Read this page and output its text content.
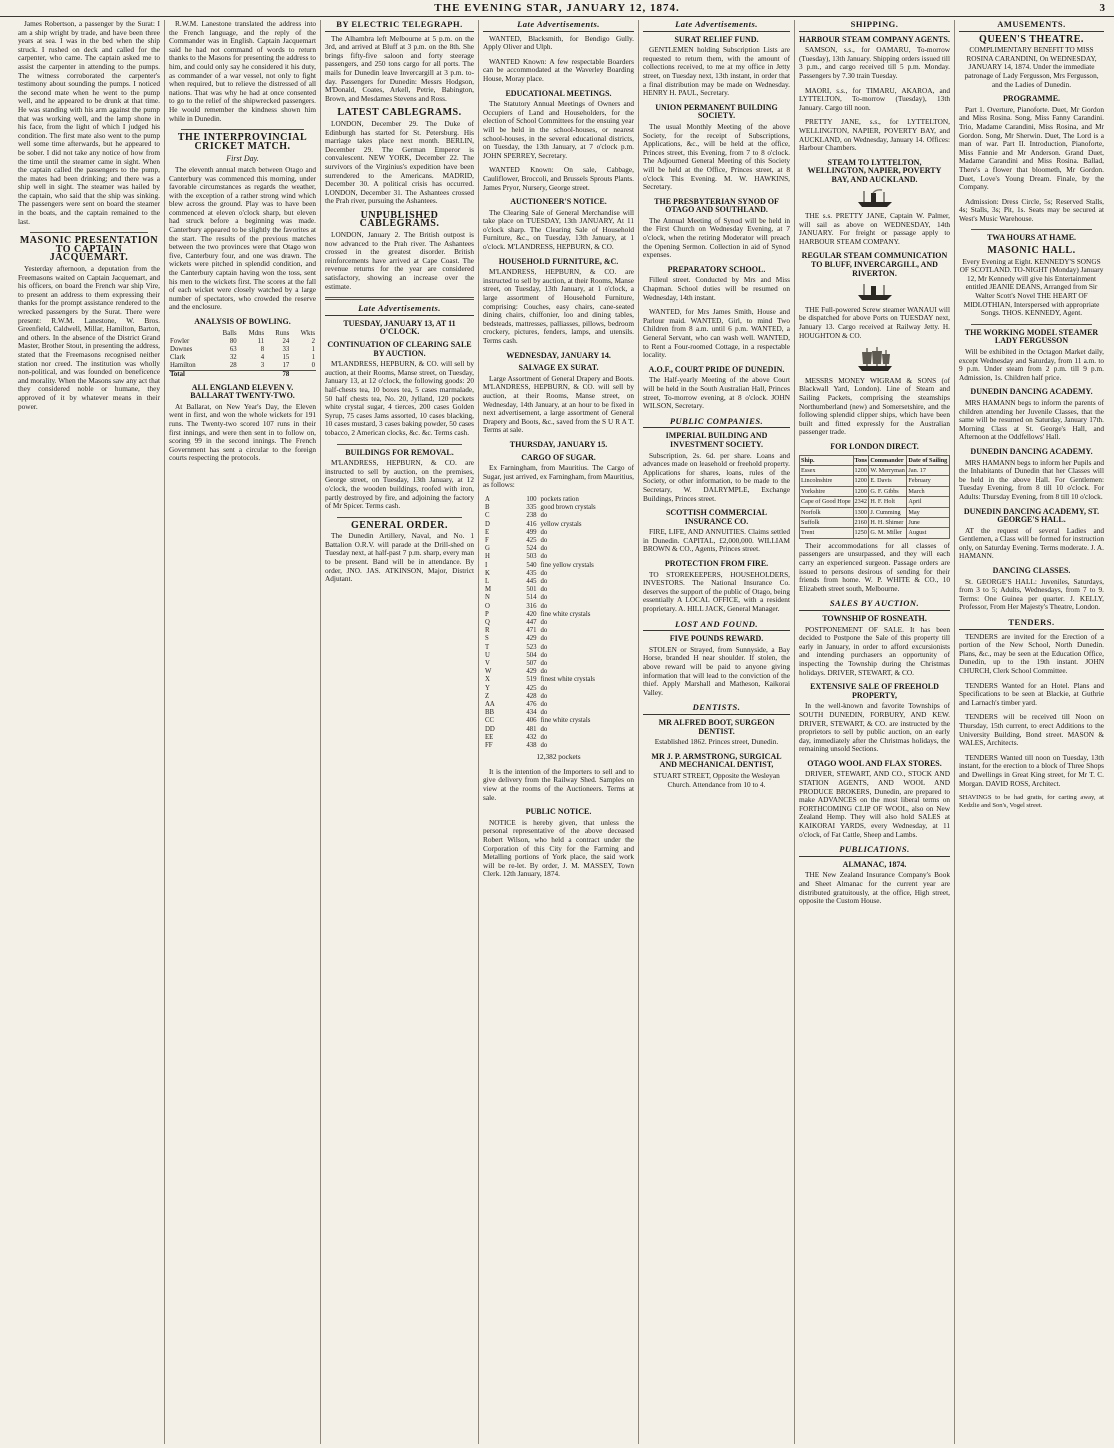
THE EVENING STAR, JANUARY 12, 1874.	3
James Robertson, a passenger by the Surat: I am a ship wright by trade, and have been three years at sea. I was in the bed when the ship struck. I rushed on deck and called for the carpenter, who came. The captain asked me to assist the carpenter in attending to the pumps. The witness corroborated the carpenter's testimony about sounding the pumps. I noticed the second mate when he went to the pump well, and he appeared to be drunk at that time. He was standing with his arm against the pump that was working well, and the lamp shone in his face, from the light of which I judged his condition. The first mate also went to the pump well some time afterwards, but he appeared to be sober. I did not take any notice of how from the time until the steamer came in sight. When the captain called the passengers to the pump, the mates had been drinking; and there was a ship well in sight. The steamer was hailed by the captain, who said that the ship was sinking. The passengers were sent on board the steamer in the boats, and the captain remained to the last.
MASONIC PRESENTATION TO CAPTAIN JACQUEMART.
Yesterday afternoon, a deputation from the Freemasons waited on Captain Jacquemart, and his officers, on board the French war ship Vire, to present an address to them expressing their thanks for the prompt assistance rendered to the wrecked passengers by the Surat. There were present: R.W.M. Lanestone, W. Bros. Greenfield, Caldwell, Millar, Hamilton, Barton, and others. In the absence of the District Grand Master, Brother Stout, in presenting the address, stated that the Freemasons recognised neither station nor creed. The institution was wholly non-political, and was founded on beneficence and morality. When the Masons saw any act that they considered noble or humane, they approved of it by whatever means in their power.
R.W.M. Lanestone translated the address into the French language, and the reply of the Commander was in English. Captain Jacquemart said he had not command of words to return thanks to the Masons for presenting the address to him, and could only say he considered it his duty, as commander of a war vessel, not only to fight when required, but to relieve the distressed of all nations. That was why he had at once consented to go to the relief of the shipwrecked passengers. He would remember the kindness shown him while in Dunedin.
THE INTERPROVINCIAL CRICKET MATCH.
First Day.
The eleventh annual match between Otago and Canterbury was commenced this morning, under favorable circumstances as regards the weather, with the exception of a rather strong wind which blew across the ground. Play was to have been commenced at eleven o'clock sharp, but eleven had struck before a beginning was made. Canterbury appeared to be slightly the favorites at the start. The results of the previous matches between the two provinces were that Otago won five, Canterbury four, and one was drawn. The wickets were pitched in splendid condition, and the Canterbury captain having won the toss, sent his men to the wickets first. The scores at the fall of each wicket were closely watched by a large number of spectators, who crowded the reserve and the enclosure.
ANALYSIS OF BOWLING.
	Balls	Mdns	Runs	Wkts
Fowler	80	11	24	2
Downes	63	8	33	1
Clark	32	4	15	1
Hamilton	28	3	17	0
Total			78	
ALL ENGLAND ELEVEN V. BALLARAT TWENTY-TWO.
At Ballarat, on New Year's Day, the Eleven went in first, and won the whole wickets for 191 runs. The Twenty-two scored 107 runs in their first innings, and were then sent in to follow on, scoring 99 in the second innings. The French Government has sent a circular to the foreign courts respecting the protocols.
BY ELECTRIC TELEGRAPH.
The Alhambra left Melbourne at 5 p.m. on the 3rd, and arrived at Bluff at 3 p.m. on the 8th. She brings fifty-five saloon and forty steerage passengers, and 250 tons cargo for all ports. The mails for Dunedin leave Invercargill at 3 p.m. to-day. Passengers for Dunedin: Messrs Hodgson, M'Donald, Coates, Arkell, Petrie, Babington, Brown, and Mesdames Stevens and Ross.
LATEST CABLEGRAMS.
LONDON, December 29. The Duke of Edinburgh has started for St. Petersburg. His marriage takes place next month. BERLIN, December 29. The German Emperor is convalescent. NEW YORK, December 22. The survivors of the Virginius's expedition have been surrendered to the Americans. MADRID, December 30. A political crisis has occurred. LONDON, December 31. The Ashantees crossed the Prah river, pursuing the Ashantees.
UNPUBLISHED CABLEGRAMS.
LONDON, January 2. The British outpost is now advanced to the Prah river. The Ashantees crossed in the greatest disorder. British reinforcements have arrived at Cape Coast. The revenue returns for the year are considered satisfactory, showing an increase over the estimate.
Late Advertisements.
TUESDAY, JANUARY 13, AT 11 O'CLOCK.
CONTINUATION OF CLEARING SALE BY AUCTION.
M'LANDRESS, HEPBURN, & CO. will sell by auction, at their Rooms, Manse street, on Tuesday, January 13, at 12 o'clock, the following goods: 20 half-chests tea, 10 boxes tea, 5 cases marmalade, 50 half chests tea, No. 20, Jylland, 120 pockets white crystal sugar, 4 tierces, 200 cases Golden Syrup, 75 cases Jams assorted, 10 cases blacking, 10 cases mustard, 3 cases baking powder, 50 cases tobacco, 2 American clocks, &c. &c. Terms cash.
BUILDINGS FOR REMOVAL.
M'LANDRESS, HEPBURN, & CO. are instructed to sell by auction, on the premises, George street, on Tuesday, 13th January, at 12 o'clock, the wooden buildings, roofed with iron, partly destroyed by fire, and adjoining the factory of Mr Spicer. Terms cash.
GENERAL ORDER.
The Dunedin Artillery, Naval, and No. 1 Battalion O.R.V. will parade at the Drill-shed on Tuesday next, at half-past 7 p.m. sharp, every man to be present. Band will be in attendance. By order, JNO. JAS. ATKINSON, Major, District Adjutant.
Late Advertisements.
WANTED, Blacksmith, for Bendigo Gully. Apply Oliver and Ulph.
WANTED Known: A few respectable Boarders can be accommodated at the Waverley Boarding House, Moray place.
EDUCATIONAL MEETINGS.
The Statutory Annual Meetings of Owners and Occupiers of Land and Householders, for the election of School Committees for the ensuing year will be held in the school-houses, or nearest school-houses, in the several educational districts, on Tuesday, the 13th January, at 7 o'clock p.m. JOHN SPERREY, Secretary.
WANTED Known: On sale, Cabbage, Cauliflower, Broccoli, and Brussels Sprouts Plants. James Pryor, Nursery, George street.
AUCTIONEER'S NOTICE.
The Clearing Sale of General Merchandise will take place on TUESDAY, 13th JANUARY, At 11 o'clock sharp. The Clearing Sale of Household Furniture, &c., on Tuesday, 13th January, at 1 o'clock. M'LANDRESS, HEPBURN, & CO.
HOUSEHOLD FURNITURE, &C.
M'LANDRESS, HEPBURN, & CO. are instructed to sell by auction, at their Rooms, Manse street, on Tuesday, 13th January, at 1 o'clock, a large assortment of Household Furniture, comprising: Couches, easy chairs, cane-seated dining chairs, chiffonier, loo and dining tables, bedsteads, mattresses, palliasses, pillows, bedroom crockery, pictures, fenders, lamps, and utensils. Terms cash.
WEDNESDAY, JANUARY 14.
SALVAGE EX SURAT.
Large Assortment of General Drapery and Boots. M'LANDRESS, HEPBURN, & CO. will sell by auction, at their Rooms, Manse street, on Wednesday, 14th January, at an hour to be fixed in next advertisement, a large assortment of General Drapery and Boots, &c., saved from the S U R A T. Terms at sale.
THURSDAY, JANUARY 15.
CARGO OF SUGAR.
Ex Farningham, from Mauritius. The Cargo of Sugar, just arrived, ex Farningham, from Mauritius, as follows:
A	100	pockets ration
B	335	good brown crystals
C	238	do
D	416	yellow crystals
E	499	do
F	425	do
G	524	do
H	503	do
I	540	fine yellow crystals
K	435	do
L	445	do
M	501	do
N	514	do
O	316	do
P	420	fine white crystals
Q	447	do
R	471	do
S	429	do
T	523	do
U	504	do
V	507	do
W	429	do
X	519	finest white crystals
Y	425	do
Z	428	do
AA	476	do
BB	434	do
CC	406	fine white crystals
DD	481	do
EE	432	do
FF	438	do
12,382 pockets
It is the intention of the Importers to sell and to give delivery from the Railway Shed. Samples on view at the rooms of the Auctioneers. Terms at sale.
PUBLIC NOTICE.
NOTICE is hereby given, that unless the personal representative of the above deceased Robert Wilson, who held a contract under the Corporation of this City for the Farming and Metalling portions of York place, the said work will be re-let. By order, J. M. MASSEY, Town Clerk. 12th January, 1874.
Late Advertisements.
SURAT RELIEF FUND.
GENTLEMEN holding Subscription Lists are requested to return them, with the amount of collections received, to me at my office in Jetty street, on Tuesday next, 13th instant, in order that a final distribution may be made on Wednesday. HENRY H. PAUL, Secretary.
UNION PERMANENT BUILDING SOCIETY.
The usual Monthly Meeting of the above Society, for the receipt of Subscriptions, Applications, &c., will be held at the office, Princes street, this Evening, from 7 to 8 o'clock. The Adjourned General Meeting of this Society will be held at the Office, Princes street, at 8 o'clock This Evening. M. W. HAWKINS, Secretary.
THE PRESBYTERIAN SYNOD OF OTAGO AND SOUTHLAND.
The Annual Meeting of Synod will be held in the First Church on Wednesday Evening, at 7 o'clock, when the retiring Moderator will preach the Opening Sermon. Collection in aid of Synod expenses.
PREPARATORY SCHOOL.
Filleul street. Conducted by Mrs and Miss Chapman. School duties will be resumed on Wednesday, 14th instant.
WANTED, for Mrs James Smith, House and Parlour maid. WANTED, Girl, to mind Two Children from 8 a.m. until 6 p.m. WANTED, a General Servant, who can wash well. WANTED, to Rent a Four-roomed Cottage, in a respectable locality.
A.O.F., COURT PRIDE OF DUNEDIN.
The Half-yearly Meeting of the above Court will be held in the South Australian Hall, Princes street, To-morrow evening, at 8 o'clock. JOHN WILSON, Secretary.
PUBLIC COMPANIES.
IMPERIAL BUILDING AND INVESTMENT SOCIETY.
Subscription, 2s. 6d. per share. Loans and advances made on leasehold or freehold property. Applications for shares, loans, rules of the Society, or other information, to be made to the Secretary, W. DALRYMPLE, Exchange Buildings, Princes street.
SCOTTISH COMMERCIAL INSURANCE CO.
FIRE, LIFE, AND ANNUITIES. Claims settled in Dunedin. CAPITAL, £2,000,000. WILLIAM BROWN & CO., Agents, Princes street.
PROTECTION FROM FIRE.
TO STOREKEEPERS, HOUSEHOLDERS, INVESTORS. The National Insurance Co. deserves the support of the public of Otago, being essentially A LOCAL OFFICE, with a resident proprietary. A. HILL JACK, General Manager.
LOST AND FOUND.
FIVE POUNDS REWARD.
STOLEN or Strayed, from Sunnyside, a Bay Horse, branded H near shoulder. If stolen, the above reward will be paid to anyone giving information that will lead to the conviction of the thief. Apply Marshall and Matheson, Kaikorai Valley.
DENTISTS.
MR ALFRED BOOT, SURGEON DENTIST.
Established 1862. Princes street, Dunedin.
MR J. P. ARMSTRONG, SURGICAL AND MECHANICAL DENTIST,
STUART STREET, Opposite the Wesleyan Church. Attendance from 10 to 4.
SHIPPING.
HARBOUR STEAM COMPANY AGENTS.
SAMSON, s.s., for OAMARU, To-morrow (Tuesday), 13th January. Shipping orders issued till 3 p.m., and cargo received till 5 p.m. Monday. Passengers by 7.30 train Tuesday.
MAORI, s.s., for TIMARU, AKAROA, and LYTTELTON, To-morrow (Tuesday), 13th January. Cargo till noon.
PRETTY JANE, s.s., for LYTTELTON, WELLINGTON, NAPIER, POVERTY BAY, and AUCKLAND, on Wednesday, January 14. Offices: Harbour Chambers.
STEAM TO LYTTELTON, WELLINGTON, NAPIER, POVERTY BAY, AND AUCKLAND.
THE s.s. PRETTY JANE, Captain W. Palmer, will sail as above on WEDNESDAY, 14th JANUARY. For freight or passage apply to HARBOUR STEAM COMPANY.
REGULAR STEAM COMMUNICATION TO BLUFF, INVERCARGILL, AND RIVERTON.
THE Full-powered Screw steamer WANAUI will be dispatched for above Ports on TUESDAY next, January 13. Cargo received at Railway Jetty. H. HOUGHTON & CO.
MESSRS MONEY WIGRAM & SONS (of Blackwall Yard, London). Line of Steam and Sailing Packets, comprising the steamships Northumberland (new) and Somersetshire, and the following splendid clipper ships, which have been built and fitted expressly for the Australian passenger trade.
FOR LONDON DIRECT.
Ship.	Tons	Commander	Date of Sailing
Essex	1200	W. Merryman	Jan. 17
Lincolnshire	1200	E. Davis	February
Yorkshire	1200	G. F. Gibbs	March
Cape of Good Hope	2342	H. F. Holt	April
Norfolk	1300	J. Cumming	May
Suffolk	2160	H. H. Shimer	June
Trent	1250	G. M. Miller	August
Their accommodations for all classes of passengers are unsurpassed, and they will each carry an experienced surgeon. Passage orders are issued to persons desirous of sending for their friends from home. W. P. WHITE & CO., 10 Elizabeth street south, Melbourne.
SALES BY AUCTION.
TOWNSHIP OF ROSNEATH.
POSTPONEMENT OF SALE. It has been decided to Postpone the Sale of this property till early in January, in order to afford excursionists and intending purchasers an opportunity of inspecting the Township during the Christmas holidays. DRIVER, STEWART, & CO.
EXTENSIVE SALE OF FREEHOLD PROPERTY,
In the well-known and favorite Townships of SOUTH DUNEDIN, FORBURY, AND KEW. DRIVER, STEWART, & CO. are instructed by the proprietors to sell by public auction, on an early day, immediately after the Christmas holidays, the remaining unsold Sections.
OTAGO WOOL AND FLAX STORES.
DRIVER, STEWART, AND CO., STOCK AND STATION AGENTS, AND WOOL AND PRODUCE BROKERS, Dunedin, are prepared to make ADVANCES on the most liberal terms on FORTHCOMING CLIP OF WOOL, also on New Zealand Hemp. They will also hold SALES at KAIKORAI YARDS, every Wednesday, at 11 o'clock, of Fat Cattle, Sheep and Lambs.
PUBLICATIONS.
ALMANAC, 1874.
THE New Zealand Insurance Company's Book and Sheet Almanac for the current year are distributed gratuitously, at the office, High street, opposite the Custom House.
AMUSEMENTS.
QUEEN'S THEATRE.
COMPLIMENTARY BENEFIT TO MISS ROSINA CARANDINI, On WEDNESDAY, JANUARY 14, 1874. Under the immediate patronage of Lady Fergusson, Mrs Fergusson, and the Ladies of Dunedin.
PROGRAMME.
Part 1. Overture, Pianoforte. Duet, Mr Gordon and Miss Rosina. Song, Miss Fanny Carandini. Trio, Madame Carandini, Miss Rosina, and Mr Gordon. Song, Mr Sherwin. Duet, The Lord is a man of war. Part II. Introduction, Pianoforte, Miss Fannie and Mr Anderson. Grand Duet, Madame Carandini and Miss Rosina. Ballad, There's a flower that bloometh, Mr Gordon. Duet, Love's Young Dream. Finale, by the Company.
Admission: Dress Circle, 5s; Reserved Stalls, 4s; Stalls, 3s; Pit, 1s. Seats may be secured at West's Music Warehouse.
TWA HOURS AT HAME.
MASONIC HALL.
Every Evening at Eight. KENNEDY'S SONGS OF SCOTLAND. TO-NIGHT (Monday) January 12, Mr Kennedy will give his Entertainment entitled JEANIE DEANS, Arranged from Sir Walter Scott's Novel THE HEART OF MIDLOTHIAN, Interspersed with appropriate Songs. THOS. KENNEDY, Agent.
THE WORKING MODEL STEAMER LADY FERGUSSON
Will be exhibited in the Octagon Market daily, except Wednesday and Saturday, from 11 a.m. to 9 p.m. Under steam from 2 p.m. till 9 p.m. Admission, 1s. Children half price.
DUNEDIN DANCING ACADEMY.
MRS HAMANN begs to inform the parents of children attending her Juvenile Classes, that the same will be resumed on Saturday, January 17th. Morning Class at St. George's Hall, and Afternoon at the Oddfellows' Hall.
DUNEDIN DANCING ACADEMY.
MRS HAMANN begs to inform her Pupils and the Inhabitants of Dunedin that her Classes will be held in the above Hall. For Gentlemen: Tuesday Evening, from 8 till 10 o'clock. For Adults: Thursday Evening, from 8 till 10 o'clock.
DUNEDIN DANCING ACADEMY, ST. GEORGE'S HALL.
AT the request of several Ladies and Gentlemen, a Class will be formed for instruction only, on Saturday Evening. Terms moderate. J. A. HAMANN.
DANCING CLASSES.
St. GEORGE'S HALL: Juveniles, Saturdays, from 3 to 5; Adults, Wednesdays, from 7 to 9. Terms: One Guinea per quarter. J. KELLY, Professor, From Her Majesty's Theatre, London.
TENDERS.
TENDERS are invited for the Erection of a portion of the New School, North Dunedin. Plans, &c., may be seen at the Education Office, Dunedin, up to the 19th instant. JOHN CHURCH, Clerk School Committee.
TENDERS Wanted for an Hotel. Plans and Specifications to be seen at Blackie, at Guthrie and Larnach's timber yard.
TENDERS will be received till Noon on Thursday, 15th current, to erect Additions to the University Building, Bond street. MASON & WALES, Architects.
TENDERS Wanted till noon on Tuesday, 13th instant, for the erection to a block of Three Shops and Dwellings in Great King street, for Mr T. C. Morgan. DAVID ROSS, Architect.
SHAVINGS to be had gratis, for carting away, at Kedzlie and Son's, Vogel street.
